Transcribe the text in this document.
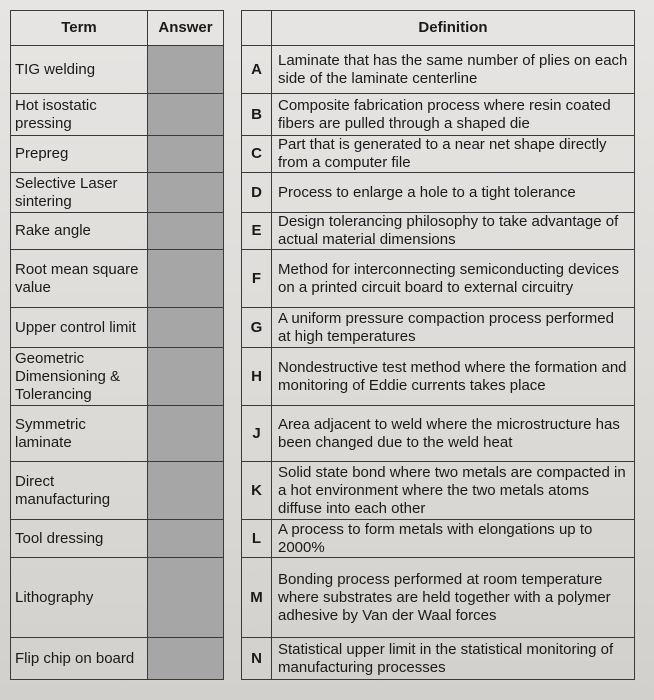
Term	Answer			Definition
TIG welding			A	Laminate that has the same number of plies on each side of the laminate centerline
Hot isostatic pressing			B	Composite fabrication process where resin coated fibers are pulled through a shaped die
Prepreg			C	Part that is generated to a near net shape directly from a computer file
Selective Laser sintering			D	Process to enlarge a hole to a tight tolerance
Rake angle			E	Design tolerancing philosophy to take advantage of actual material dimensions
Root mean square value			F	Method for interconnecting semiconducting devices on a printed circuit board to external circuitry
Upper control limit			G	A uniform pressure compaction process performed at high temperatures
Geometric Dimensioning & Tolerancing			H	Nondestructive test method where the formation and monitoring of Eddie currents takes place
Symmetric laminate			J	Area adjacent to weld where the microstructure has been changed due to the weld heat
Direct manufacturing			K	Solid state bond where two metals are compacted in a hot environment where the two metals atoms diffuse into each other
Tool dressing			L	A process to form metals with elongations up to 2000%
Lithography			M	Bonding process performed at room temperature where substrates are held together with a polymer adhesive by Van der Waal forces
Flip chip on board			N	Statistical upper limit in the statistical monitoring of manufacturing processes
